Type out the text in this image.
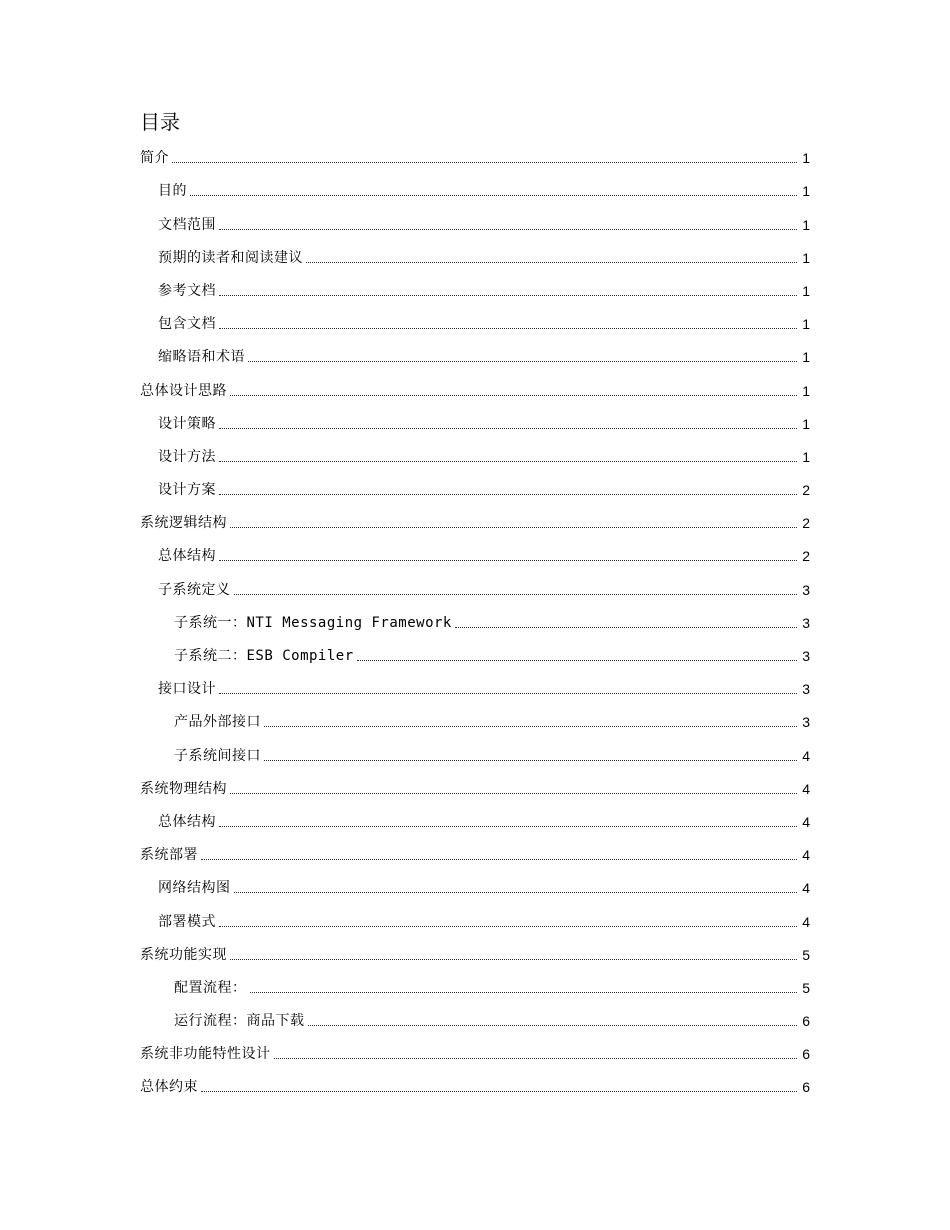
目录
简介	1
目的	1
文档范围	1
预期的读者和阅读建议	1
参考文档	1
包含文档	1
缩略语和术语	1
总体设计思路	1
设计策略	1
设计方法	1
设计方案	2
系统逻辑结构	2
总体结构	2
子系统定义	3
子系统一：NTI Messaging Framework	3
子系统二：ESB Compiler	3
接口设计	3
产品外部接口	3
子系统间接口	4
系统物理结构	4
总体结构	4
系统部署	4
网络结构图	4
部署模式	4
系统功能实现	5
配置流程：	5
运行流程：商品下载	6
系统非功能特性设计	6
总体约束	6
